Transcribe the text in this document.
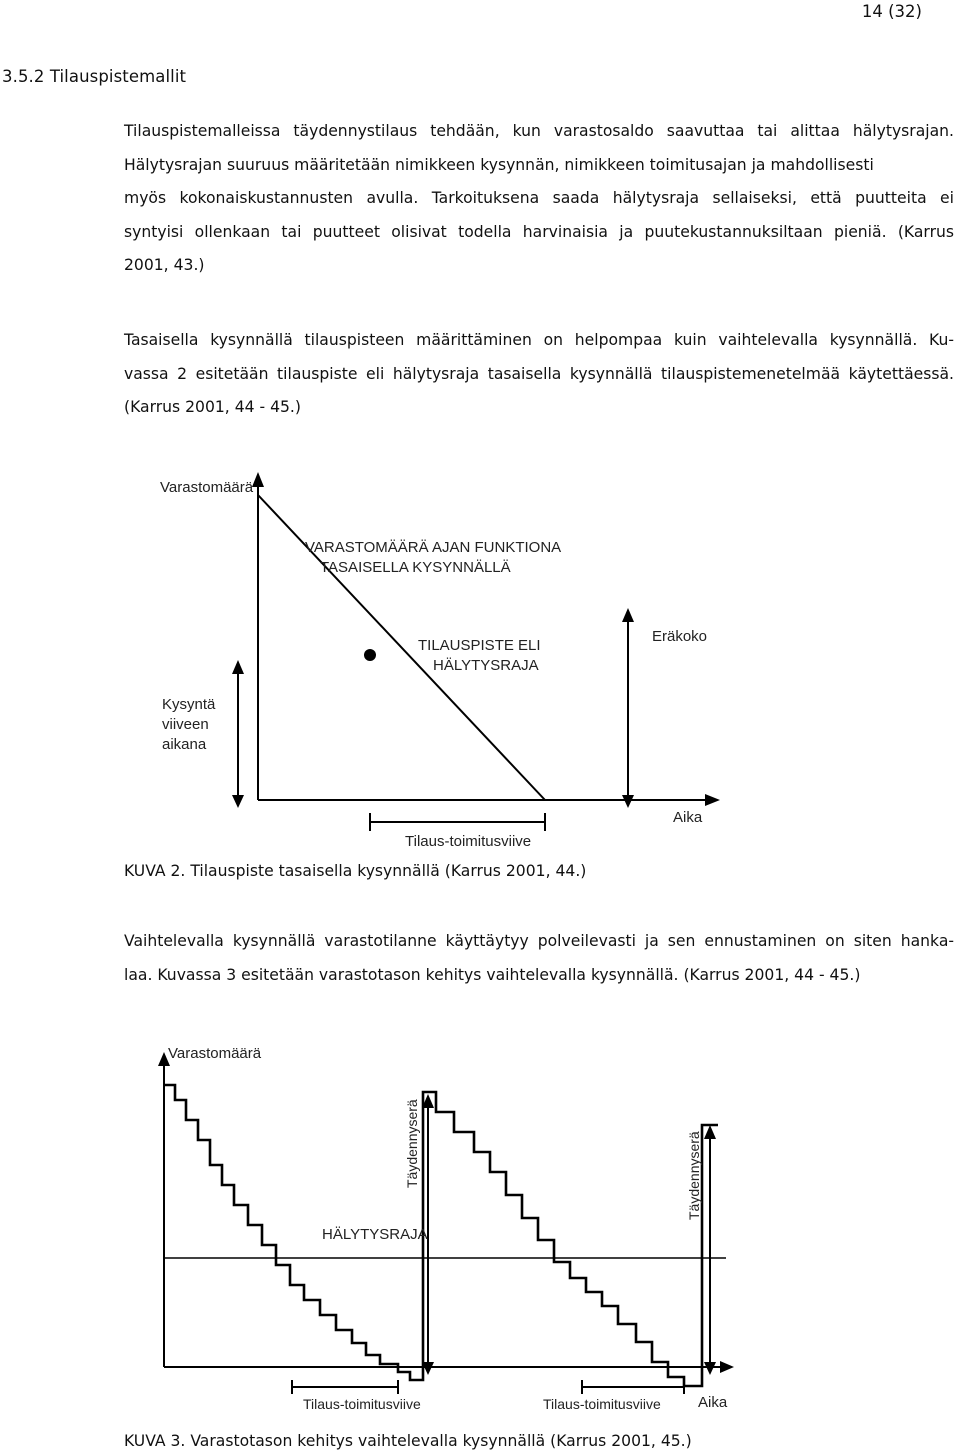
14 (32)
3.5.2 Tilauspistemallit
Tilauspistemalleissa täydennystilaus tehdään, kun varastosaldo saavuttaa tai alittaa hälytysrajan.
Hälytysrajan suuruus määritetään nimikkeen kysynnän, nimikkeen toimitusajan ja mahdollisesti
myös kokonaiskustannusten avulla. Tarkoituksena saada hälytysraja sellaiseksi, että puutteita ei
syntyisi ollenkaan tai puutteet olisivat todella harvinaisia ja puutekustannuksiltaan pieniä. (Karrus
2001, 43.)
Tasaisella kysynnällä tilauspisteen määrittäminen on helpompaa kuin vaihtelevalla kysynnällä. Ku-
vassa 2 esitetään tilauspiste eli hälytysraja tasaisella kysynnällä tilauspistemenetelmää käytettäessä.
(Karrus 2001, 44 - 45.)
Varastomäärä
VARASTOMÄÄRÄ AJAN FUNKTIONA
TASAISELLA KYSYNNÄLLÄ
TILAUSPISTE ELI
HÄLYTYSRAJA
Eräkoko
Kysyntä
viiveen
aikana
Aika
Tilaus-toimitusviive
KUVA 2. Tilauspiste tasaisella kysynnällä (Karrus 2001, 44.)
Vaihtelevalla kysynnällä varastotilanne käyttäytyy polveilevasti ja sen ennustaminen on siten hanka-
laa. Kuvassa 3 esitetään varastotason kehitys vaihtelevalla kysynnällä. (Karrus 2001, 44 - 45.)
Varastomäärä
Täydennyserä	Täydennyserä
HÄLYTYSRAJA
Aika
Tilaus-toimitusviive	Tilaus-toimitusviive
KUVA 3. Varastotason kehitys vaihtelevalla kysynnällä (Karrus 2001, 45.)
